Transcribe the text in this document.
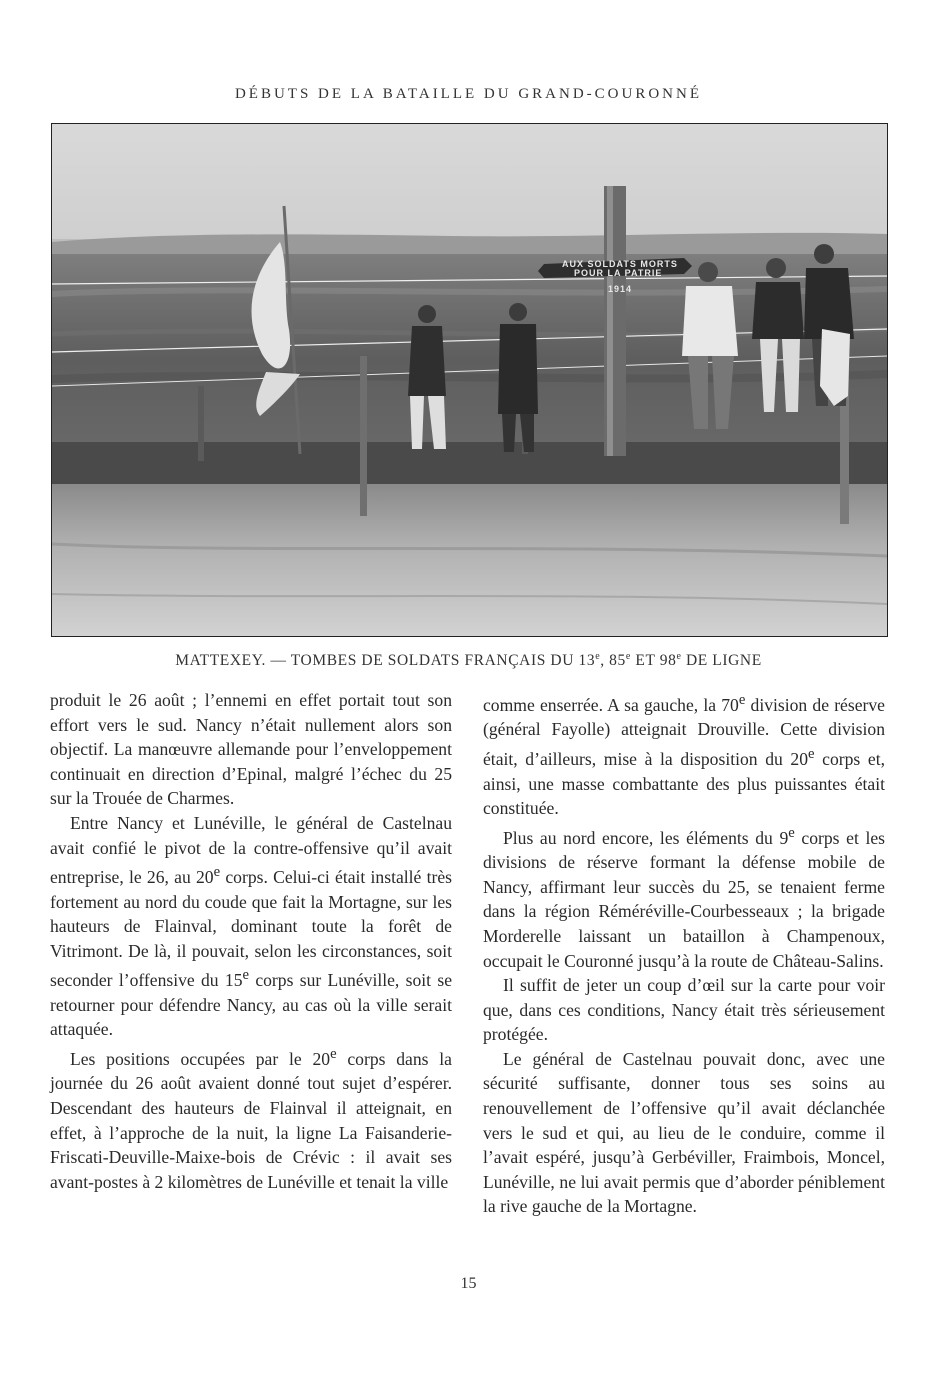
DÉBUTS DE LA BATAILLE DU GRAND-COURONNÉ
AUX SOLDATS MORTS
POUR LA PATRIE
1914
MATTEXEY. — TOMBES DE SOLDATS FRANÇAIS DU 13e, 85e ET 98e DE LIGNE

produit le 26 août ; l’ennemi en effet portait tout son effort vers le sud. Nancy n’était nullement alors son objectif. La manœuvre allemande pour l’enveloppement continuait en direction d’Epinal, malgré l’échec du 25 sur la Trouée de Charmes.

Entre Nancy et Lunéville, le général de Castelnau avait confié le pivot de la contre-offensive qu’il avait entreprise, le 26, au 20e corps. Celui-ci était installé très fortement au nord du coude que fait la Mortagne, sur les hauteurs de Flainval, dominant toute la forêt de Vitrimont. De là, il pouvait, selon les circonstances, soit seconder l’offensive du 15e corps sur Lunéville, soit se retourner pour défendre Nancy, au cas où la ville serait attaquée.

Les positions occupées par le 20e corps dans la journée du 26 août avaient donné tout sujet d’espérer. Descendant des hauteurs de Flainval il atteignait, en effet, à l’approche de la nuit, la ligne La Faisanderie-Friscati-Deuville-Maixe-bois de Crévic : il avait ses avant-postes à 2 kilomètres de Lunéville et tenait la ville

comme enserrée. A sa gauche, la 70e division de réserve (général Fayolle) atteignait Drouville. Cette division était, d’ailleurs, mise à la disposition du 20e corps et, ainsi, une masse combattante des plus puissantes était constituée.

Plus au nord encore, les éléments du 9e corps et les divisions de réserve formant la défense mobile de Nancy, affirmant leur succès du 25, se tenaient ferme dans la région Réméréville-Courbesseaux ; la brigade Morderelle laissant un bataillon à Champenoux, occupait le Couronné jusqu’à la route de Château-Salins.

Il suffit de jeter un coup d’œil sur la carte pour voir que, dans ces conditions, Nancy était très sérieusement protégée.

Le général de Castelnau pouvait donc, avec une sécurité suffisante, donner tous ses soins au renouvellement de l’offensive qu’il avait déclanchée vers le sud et qui, au lieu de le conduire, comme il l’avait espéré, jusqu’à Gerbéviller, Fraimbois, Moncel, Lunéville, ne lui avait permis que d’aborder péniblement la rive gauche de la Mortagne.

15
